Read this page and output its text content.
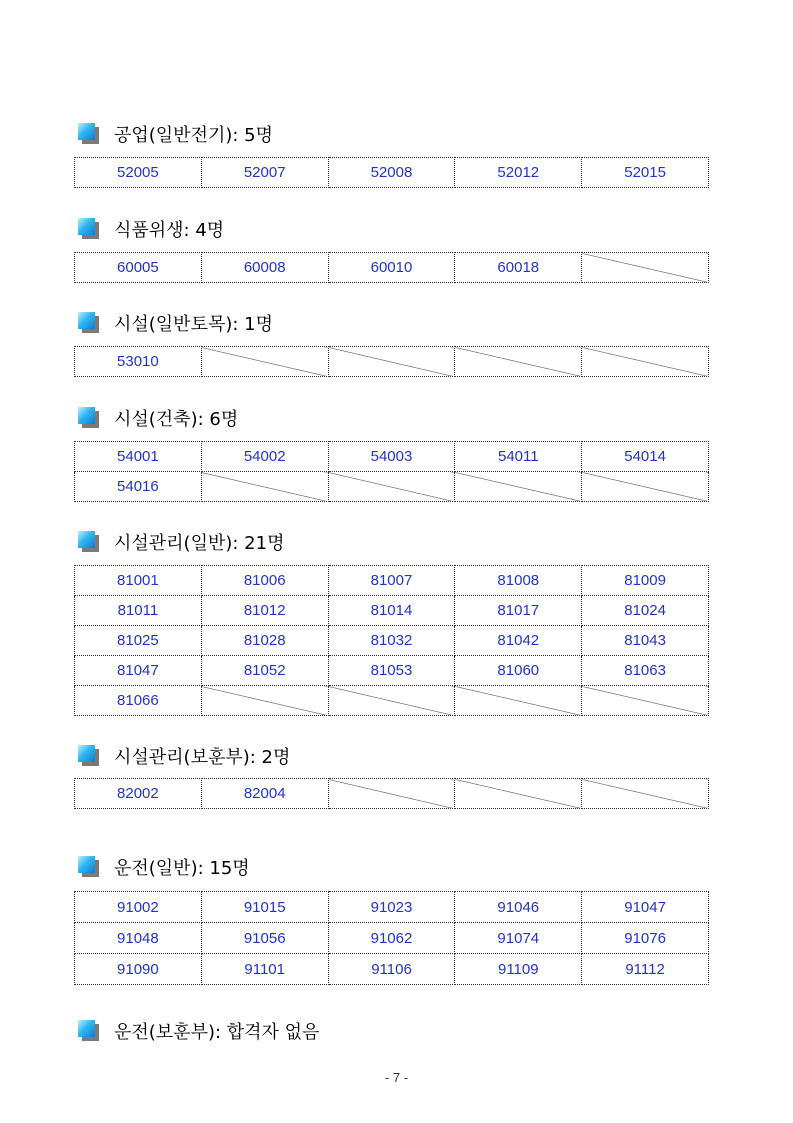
공업(일반전기): 5명
52005	52007	52008	52012	52015
식품위생: 4명
60005	60008	60010	60018	
시설(일반토목): 1명
53010				
시설(건축): 6명
54001	54002	54003	54011	54014
54016				
시설관리(일반): 21명
81001	81006	81007	81008	81009
81011	81012	81014	81017	81024
81025	81028	81032	81042	81043
81047	81052	81053	81060	81063
81066				
시설관리(보훈부): 2명
82002	82004			
운전(일반): 15명
91002	91015	91023	91046	91047
91048	91056	91062	91074	91076
91090	91101	91106	91109	91112
운전(보훈부): 합격자 없음
- 7 -
